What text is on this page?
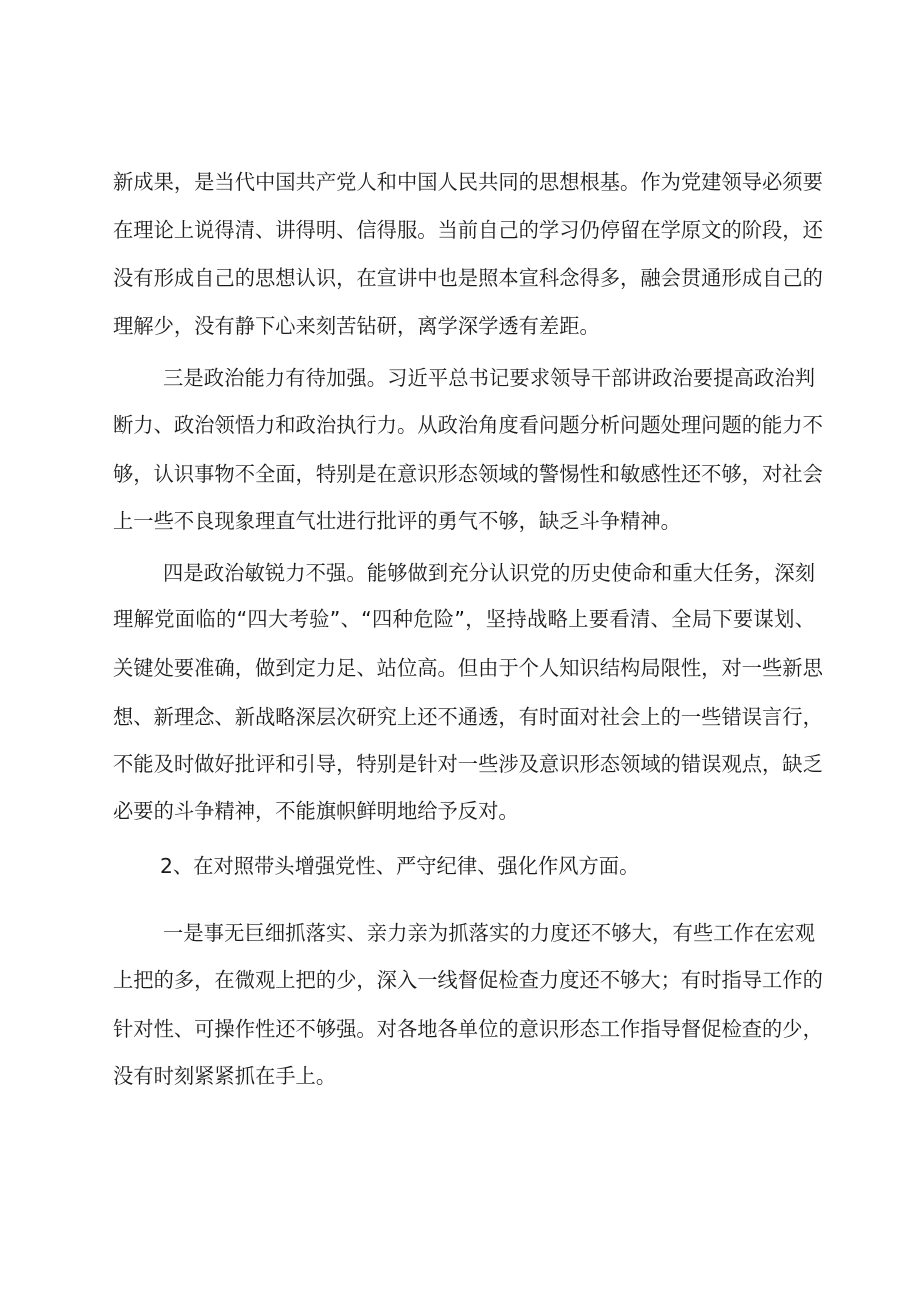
新成果，是当代中国共产党人和中国人民共同的思想根基。作为党建领导必须要

在理论上说得清、讲得明、信得服。当前自己的学习仍停留在学原文的阶段，还

没有形成自己的思想认识，在宣讲中也是照本宣科念得多，融会贯通形成自己的

理解少，没有静下心来刻苦钻研，离学深学透有差距。

三是政治能力有待加强。习近平总书记要求领导干部讲政治要提高政治判

断力、政治领悟力和政治执行力。从政治角度看问题分析问题处理问题的能力不

够，认识事物不全面，特别是在意识形态领域的警惕性和敏感性还不够，对社会

上一些不良现象理直气壮进行批评的勇气不够，缺乏斗争精神。

四是政治敏锐力不强。能够做到充分认识党的历史使命和重大任务，深刻

理解党面临的“四大考验”、“四种危险”，坚持战略上要看清、全局下要谋划、

关键处要准确，做到定力足、站位高。但由于个人知识结构局限性，对一些新思

想、新理念、新战略深层次研究上还不通透，有时面对社会上的一些错误言行，

不能及时做好批评和引导，特别是针对一些涉及意识形态领域的错误观点，缺乏

必要的斗争精神，不能旗帜鲜明地给予反对。

2、在对照带头增强党性、严守纪律、强化作风方面。

一是事无巨细抓落实、亲力亲为抓落实的力度还不够大，有些工作在宏观

上把的多，在微观上把的少，深入一线督促检查力度还不够大；有时指导工作的

针对性、可操作性还不够强。对各地各单位的意识形态工作指导督促检查的少，

没有时刻紧紧抓在手上。
